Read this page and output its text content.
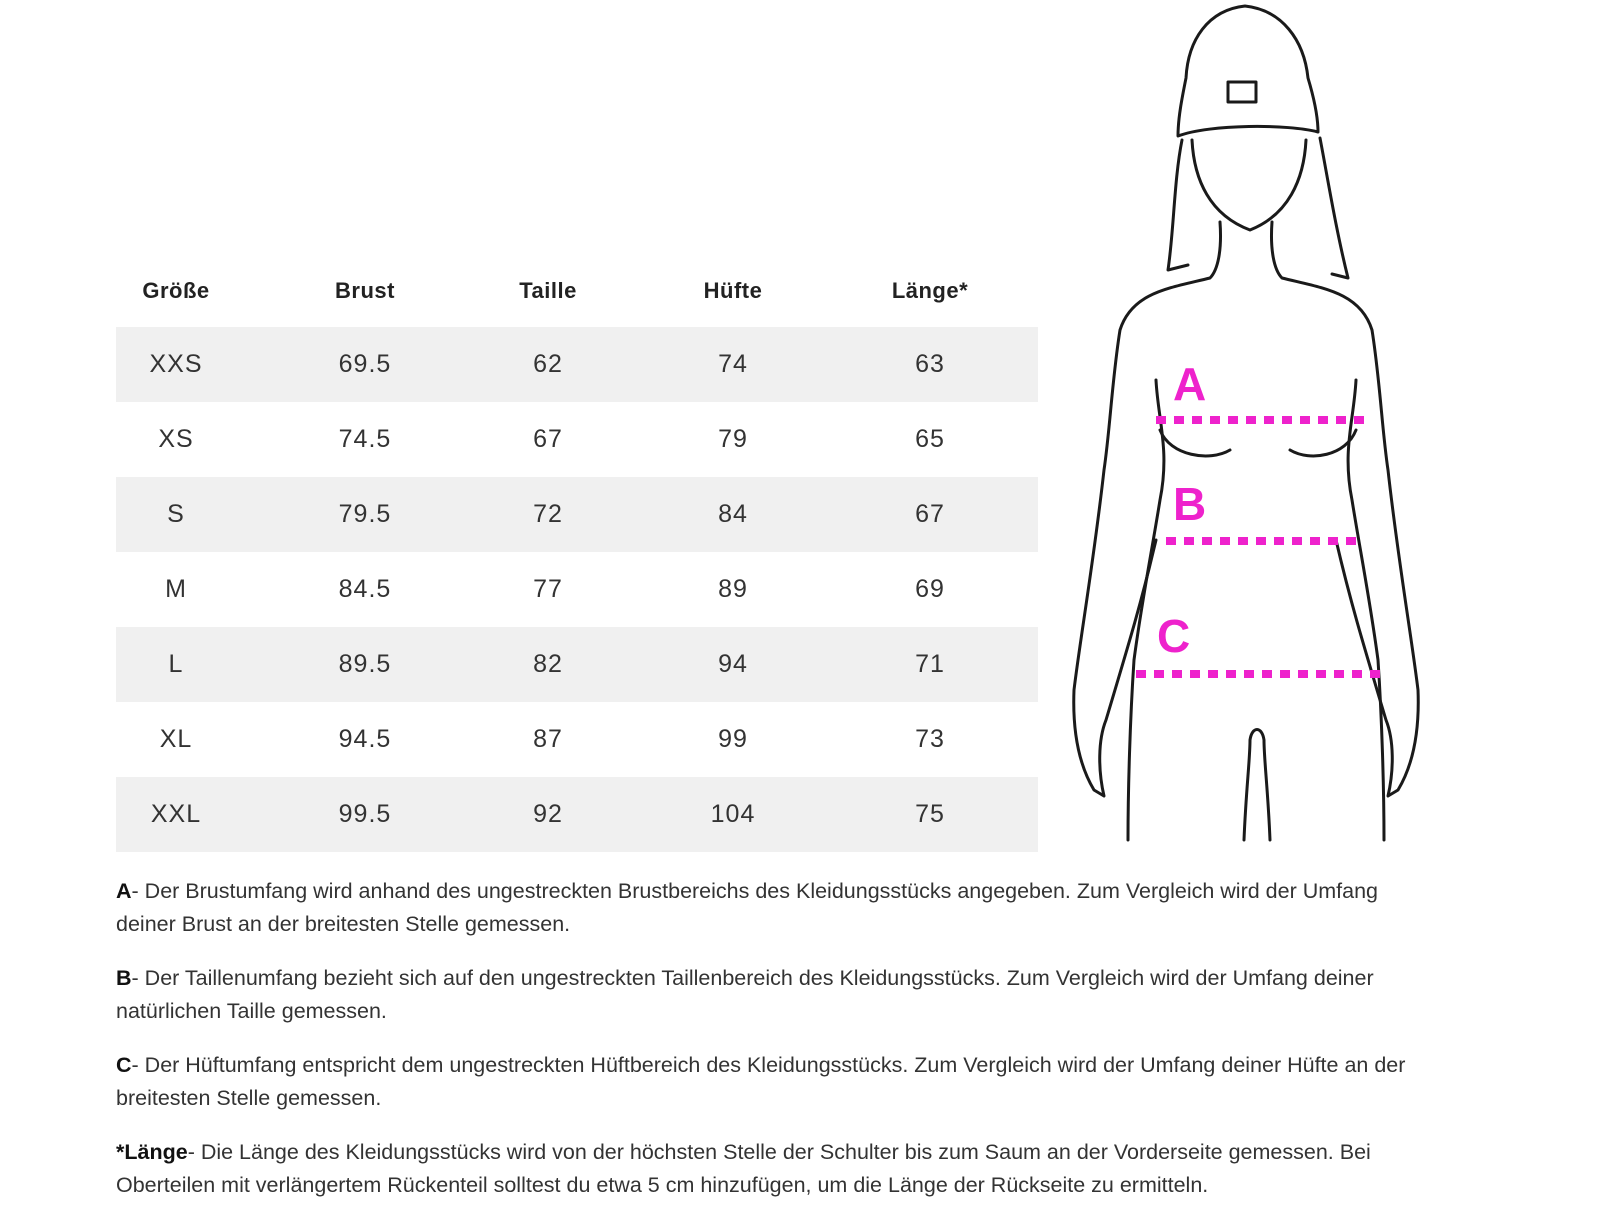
Größe	Brust	Taille	Hüfte	Länge*
XXS	69.5	62	74	63
XS	74.5	67	79	65
S	79.5	72	84	67
M	84.5	77	89	69
L	89.5	82	94	71
XL	94.5	87	99	73
XXL	99.5	92	104	75
A
B
C

A- Der Brustumfang wird anhand des ungestreckten Brustbereichs des Kleidungsstücks angegeben. Zum Vergleich wird der Umfang deiner Brust an der breitesten Stelle gemessen.

B- Der Taillenumfang bezieht sich auf den ungestreckten Taillenbereich des Kleidungsstücks. Zum Vergleich wird der Umfang deiner natürlichen Taille gemessen.

C- Der Hüftumfang entspricht dem ungestreckten Hüftbereich des Kleidungsstücks. Zum Vergleich wird der Umfang deiner Hüfte an der breitesten Stelle gemessen.

*Länge- Die Länge des Kleidungsstücks wird von der höchsten Stelle der Schulter bis zum Saum an der Vorderseite gemessen. Bei Oberteilen mit verlängertem Rückenteil solltest du etwa 5 cm hinzufügen, um die Länge der Rückseite zu ermitteln.
